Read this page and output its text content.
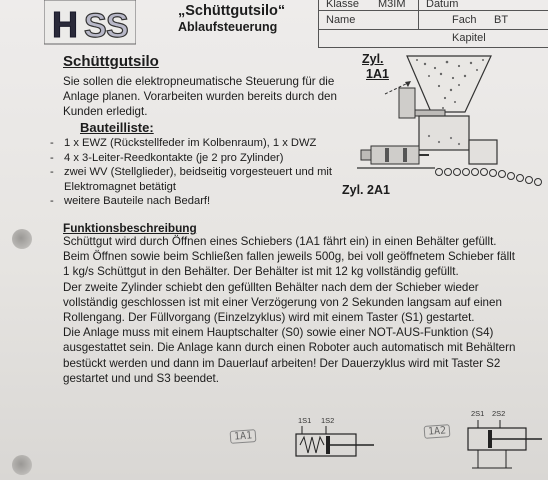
H S S	„Schüttgutsilo“
Ablaufsteuerung
Klasse M3IM Datum
Name	Fach BT
Kapitel
Schüttgutsilo
Sie sollen die elektropneumatische Steuerung für die Anlage planen. Vorarbeiten wurden bereits durch den Kunden erledigt.
Bauteilliste:
- 1 x EWZ (Rückstellfeder im Kolbenraum), 1 x DWZ
- 4 x 3-Leiter-Reedkontakte (je 2 pro Zylinder)
- zwei WV (Stellglieder), beidseitig vorgesteuert und mit Elektromagnet betätigt
- weitere Bauteile nach Bedarf!
Zyl.
1A1
Zyl. 2A1
Funktionsbeschreibung

Schüttgut wird durch Öffnen eines Schiebers (1A1 fährt ein) in einen Behälter gefüllt.

Beim Öffnen sowie beim Schließen fallen jeweils 500g, bei voll geöffnetem Schieber fällt

1 kg/s Schüttgut in den Behälter. Der Behälter ist mit 12 kg vollständig gefüllt.

Der zweite Zylinder schiebt den gefüllten Behälter nach dem der Schieber wieder

vollständig geschlossen ist mit einer Verzögerung von 2 Sekunden langsam auf einen

Rollengang. Der Füllvorgang (Einzelzyklus) wird mit einem Taster (S1) gestartet.

Die Anlage muss mit einem Hauptschalter (S0) sowie einer NOT-AUS-Funktion (S4)

ausgestattet sein. Die Anlage kann durch einen Roboter auch automatisch mit Behältern

bestückt werden und dann im Dauerlauf arbeiten! Der Dauerzyklus wird mit Taster S2

gestartet und und S3 beendet.

1A1	1A2
1S1 1S2
2S1 2S2
